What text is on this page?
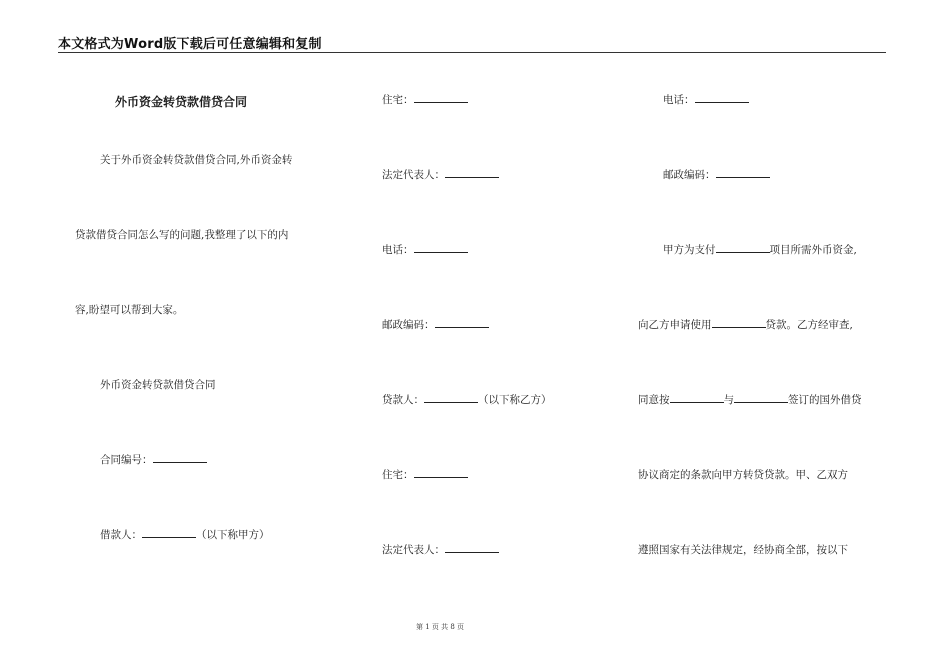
本文格式为Word版下载后可任意编辑和复制
外币资金转贷款借贷合同
关于外币资金转贷款借贷合同,外币资金转
贷款借贷合同怎么写的问题,我整理了以下的内
容,盼望可以帮到大家。
外币资金转贷款借贷合同
合同编号：
借款人：	（以下称甲方）
住宅：
法定代表人：
电话：
邮政编码：
贷款人：	（以下称乙方）
住宅：
法定代表人：
电话：
邮政编码：
甲方为支付	项目所需外币资金,
向乙方申请使用	贷款。乙方经审查,
同意按	与	签订的国外借贷
协议商定的条款向甲方转贷贷款。甲、乙双方
遵照国家有关法律规定，经协商全部，按以下
第 1 页 共 8 页
